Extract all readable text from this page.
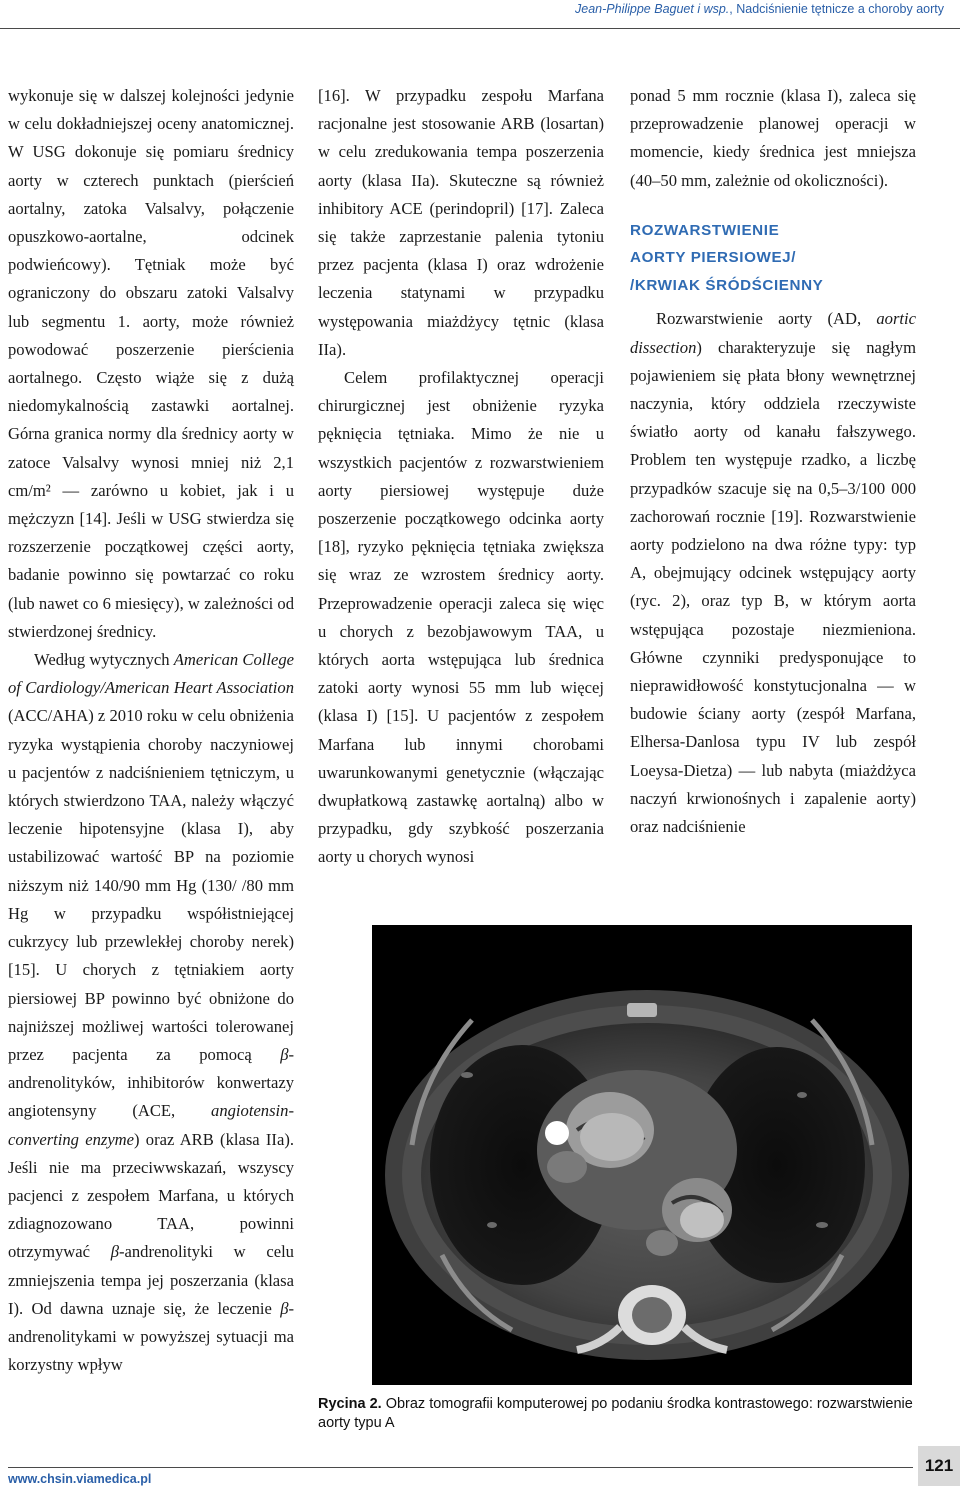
Jean-Philippe Baguet i wsp., Nadciśnienie tętnicze a choroby aorty

wykonuje się w dalszej kolejności jedynie w celu dokładniejszej oceny anatomicznej. W USG dokonuje się pomiaru średnicy aorty w czterech punktach (pierścień aortalny, zatoka Valsalvy, połączenie opuszkowo-aortalne, odcinek podwieńcowy). Tętniak może być ograniczony do obszaru zatoki Valsalvy lub segmentu 1. aorty, może również powodować poszerzenie pierścienia aortalnego. Często wiąże się z dużą niedomykalnością zastawki aortalnej. Górna granica normy dla średnicy aorty w zatoce Valsalvy wynosi mniej niż 2,1 cm/m² — zarówno u kobiet, jak i u mężczyzn [14]. Jeśli w USG stwierdza się rozszerzenie początkowej części aorty, badanie powinno się powtarzać co roku (lub nawet co 6 miesięcy), w zależności od stwierdzonej średnicy.

Według wytycznych American College of Cardiology/American Heart Association (ACC/AHA) z 2010 roku w celu obniżenia ryzyka wystąpienia choroby naczyniowej u pacjentów z nadciśnieniem tętniczym, u których stwierdzono TAA, należy włączyć leczenie hipotensyjne (klasa I), aby ustabilizować wartość BP na poziomie niższym niż 140/90 mm Hg (130/ /80 mm Hg w przypadku współistniejącej cukrzycy lub przewlekłej choroby nerek) [15]. U chorych z tętniakiem aorty piersiowej BP powinno być obniżone do najniższej możliwej wartości tolerowanej przez pacjenta za pomocą β-andrenolityków, inhibitorów konwertazy angiotensyny (ACE, angiotensin-converting enzyme) oraz ARB (klasa IIa). Jeśli nie ma przeciwwskazań, wszyscy pacjenci z zespołem Marfana, u których zdiagnozowano TAA, powinni otrzymywać β-andrenolityki w celu zmniejszenia tempa jej poszerzania (klasa I). Od dawna uznaje się, że leczenie β-andrenolitykami w powyższej sytuacji ma korzystny wpływ

[16]. W przypadku zespołu Marfana racjonalne jest stosowanie ARB (losartan) w celu zredukowania tempa poszerzenia aorty (klasa IIa). Skuteczne są również inhibitory ACE (perindopril) [17]. Zaleca się także zaprzestanie palenia tytoniu przez pacjenta (klasa I) oraz wdrożenie leczenia statynami w przypadku występowania miażdżycy tętnic (klasa IIa).

Celem profilaktycznej operacji chirurgicznej jest obniżenie ryzyka pęknięcia tętniaka. Mimo że nie u wszystkich pacjentów z rozwarstwieniem aorty piersiowej występuje duże poszerzenie początkowego odcinka aorty [18], ryzyko pęknięcia tętniaka zwiększa się wraz ze wzrostem średnicy aorty. Przeprowadzenie operacji zaleca się więc u chorych z bezobjawowym TAA, u których aorta wstępująca lub średnica zatoki aorty wynosi 55 mm lub więcej (klasa I) [15]. U pacjentów z zespołem Marfana lub innymi chorobami uwarunkowanymi genetycznie (włączając dwupłatkową zastawkę aortalną) albo w przypadku, gdy szybkość poszerzania aorty u chorych wynosi

ponad 5 mm rocznie (klasa I), zaleca się przeprowadzenie planowej operacji w momencie, kiedy średnica jest mniejsza (40–50 mm, zależnie od okoliczności).

ROZWARSTWIENIE
AORTY PIERSIOWEJ/
/KRWIAK ŚRÓDŚCIENNY

Rozwarstwienie aorty (AD, aortic dissection) charakteryzuje się nagłym pojawieniem się płata błony wewnętrznej naczynia, który oddziela rzeczywiste światło aorty od kanału fałszywego. Problem ten występuje rzadko, a liczbę przypadków szacuje się na 0,5–3/100 000 zachorowań rocznie [19]. Rozwarstwienie aorty podzielono na dwa różne typy: typ A, obejmujący odcinek wstępujący aorty (ryc. 2), oraz typ B, w którym aorta wstępująca pozostaje niezmieniona. Główne czynniki predysponujące to nieprawidłowość konstytucjonalna — w budowie ściany aorty (zespół Marfana, Elhersa-Danlosa typu IV lub zespół Loeysa-Dietza) — lub nabyta (miażdżyca naczyń krwionośnych i zapalenie aorty) oraz nadciśnienie

Rycina 2. Obraz tomografii komputerowej po podaniu środka kontrastowego: rozwarstwienie aorty typu A
www.chsin.viamedica.pl
121
